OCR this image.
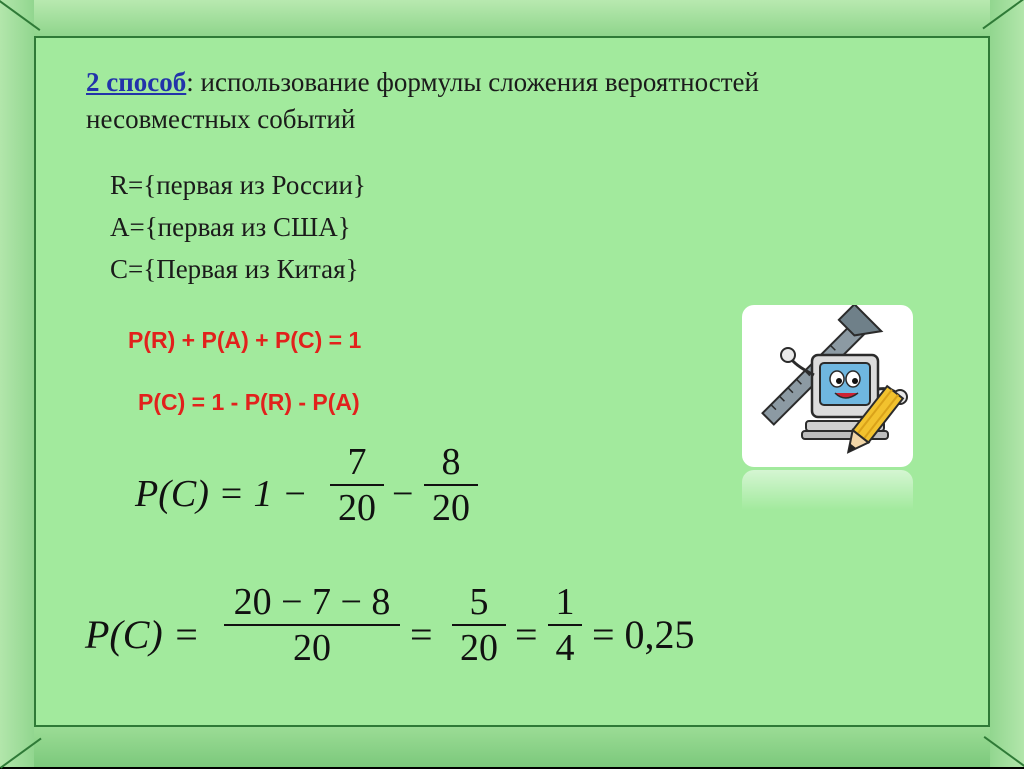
2 способ: использование формулы сложения вероятностей несовместных событий
R={первая из России}
A={первая из США}
C={Первая из Китая}
P(R) + P(A) + P(C) = 1
P(C) = 1 - P(R) - P(A)
P(C) = 1 −
7
20 −
8
20
P(C) =
20 − 7 − 8
20	=
5
20 =
1
4 = 0,25
